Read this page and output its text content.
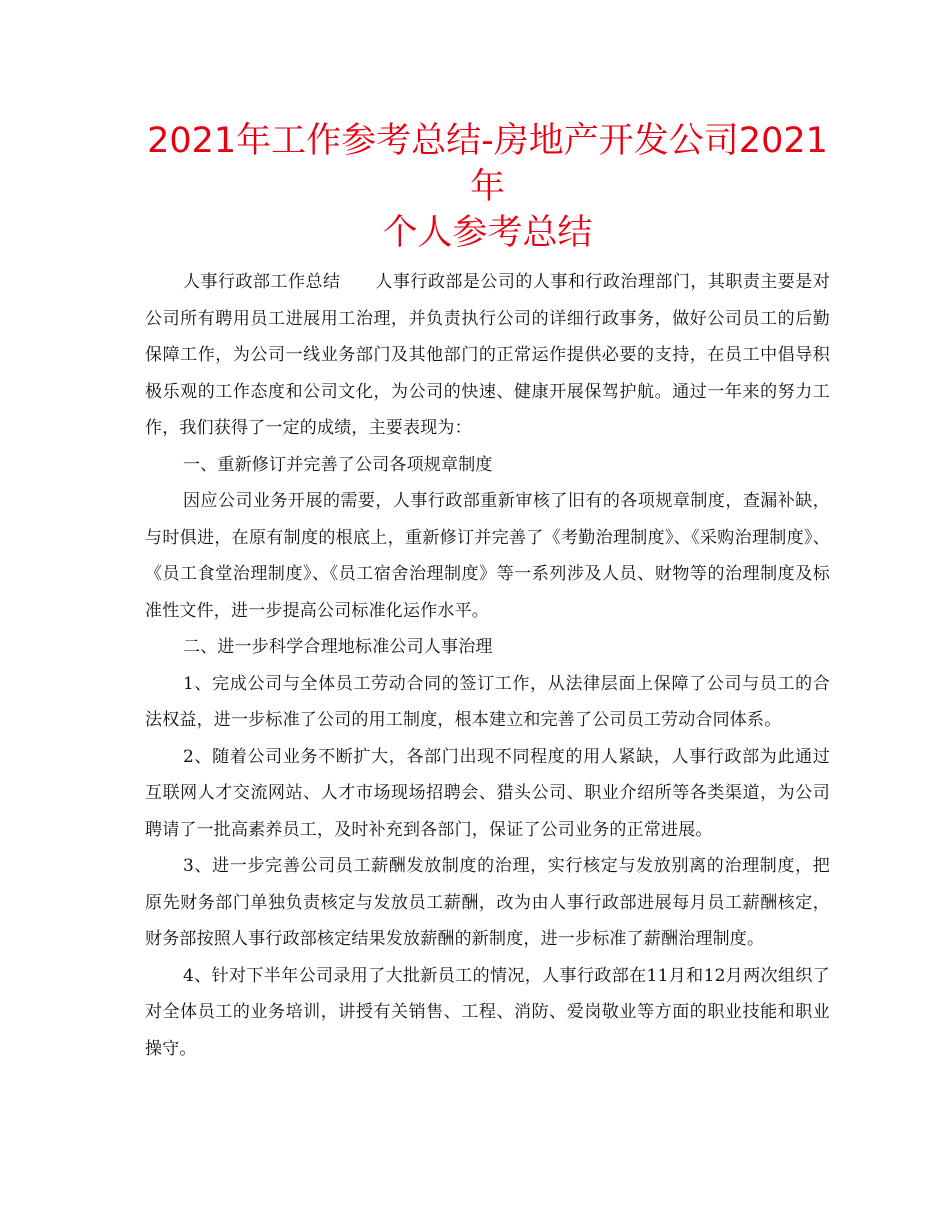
2021年工作参考总结-房地产开发公司2021年
个人参考总结

人事行政部工作总结　　人事行政部是公司的人事和行政治理部门，其职责主要是对公司所有聘用员工进展用工治理，并负责执行公司的详细行政事务，做好公司员工的后勤保障工作，为公司一线业务部门及其他部门的正常运作提供必要的支持，在员工中倡导积极乐观的工作态度和公司文化，为公司的快速、健康开展保驾护航。通过一年来的努力工作，我们获得了一定的成绩，主要表现为：

一、重新修订并完善了公司各项规章制度

因应公司业务开展的需要，人事行政部重新审核了旧有的各项规章制度，查漏补缺，与时俱进，在原有制度的根底上，重新修订并完善了《考勤治理制度》、《采购治理制度》、《员工食堂治理制度》、《员工宿舍治理制度》等一系列涉及人员、财物等的治理制度及标准性文件，进一步提高公司标准化运作水平。

二、进一步科学合理地标准公司人事治理

1、完成公司与全体员工劳动合同的签订工作，从法律层面上保障了公司与员工的合法权益，进一步标准了公司的用工制度，根本建立和完善了公司员工劳动合同体系。

2、随着公司业务不断扩大，各部门出现不同程度的用人紧缺，人事行政部为此通过互联网人才交流网站、人才市场现场招聘会、猎头公司、职业介绍所等各类渠道，为公司聘请了一批高素养员工，及时补充到各部门，保证了公司业务的正常进展。

3、进一步完善公司员工薪酬发放制度的治理，实行核定与发放别离的治理制度，把原先财务部门单独负责核定与发放员工薪酬，改为由人事行政部进展每月员工薪酬核定，财务部按照人事行政部核定结果发放薪酬的新制度，进一步标准了薪酬治理制度。

4、针对下半年公司录用了大批新员工的情况，人事行政部在11月和12月两次组织了对全体员工的业务培训，讲授有关销售、工程、消防、爱岗敬业等方面的职业技能和职业操守。
